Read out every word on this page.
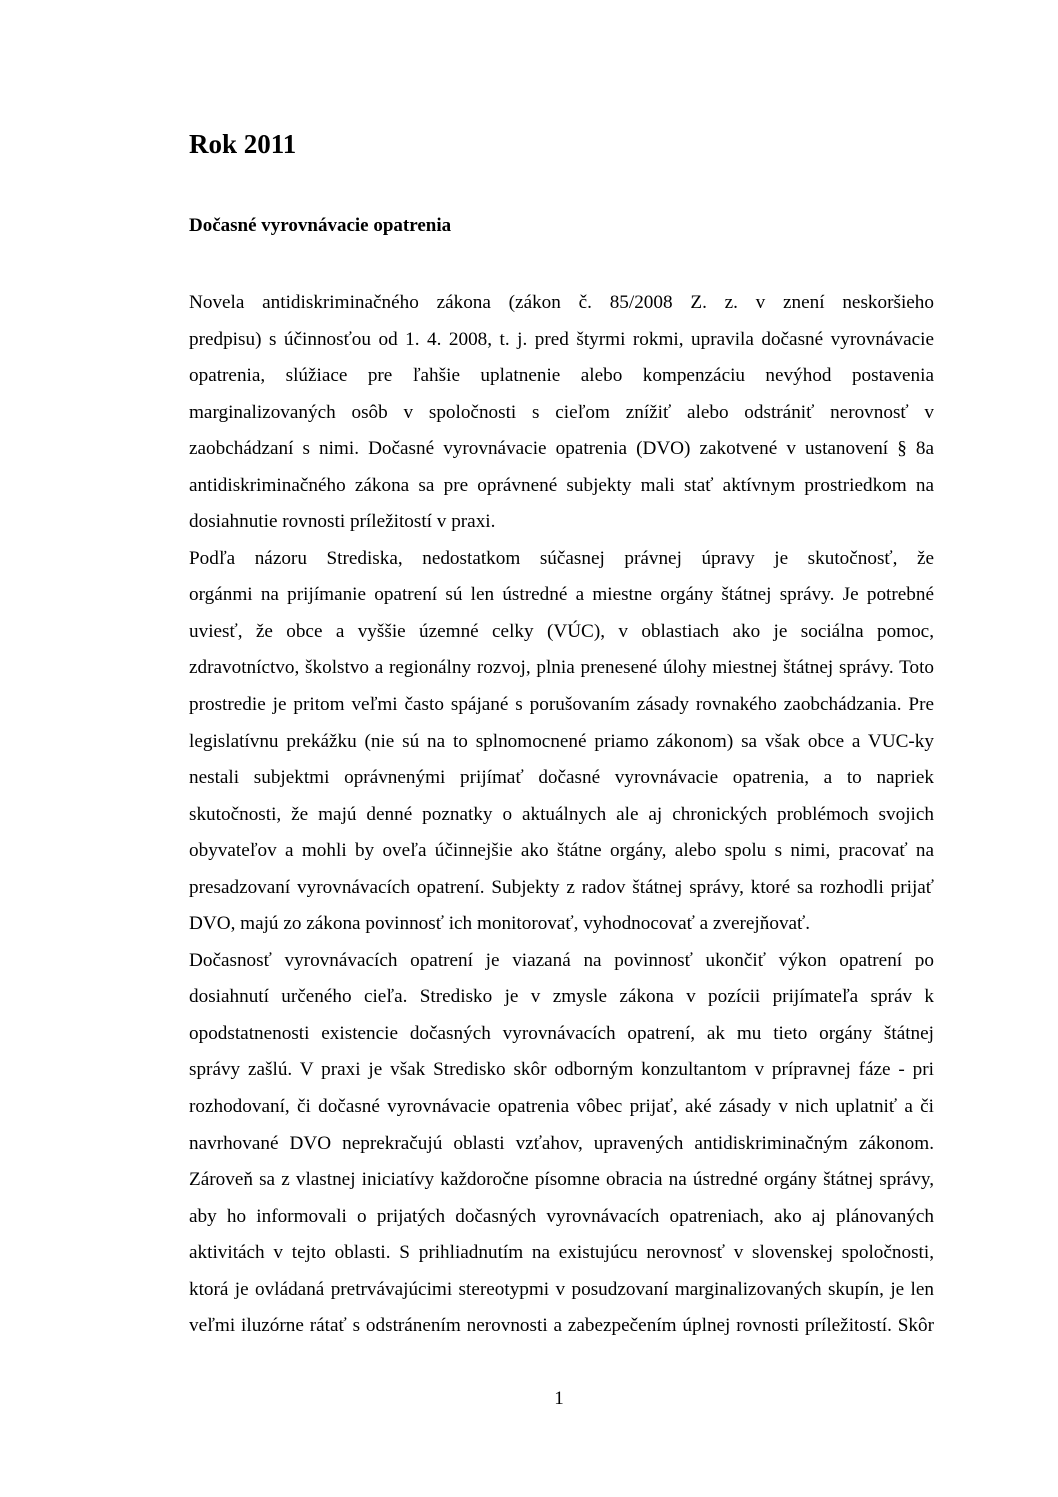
Rok 2011
Dočasné vyrovnávacie opatrenia

Novela antidiskriminačného zákona (zákon č. 85/2008 Z. z. v znení neskoršieho
predpisu) s účinnosťou od 1. 4. 2008, t. j. pred štyrmi rokmi, upravila dočasné vyrovnávacie
opatrenia, slúžiace pre ľahšie uplatnenie alebo kompenzáciu nevýhod postavenia
marginalizovaných osôb v spoločnosti s cieľom znížiť alebo odstrániť nerovnosť v
zaobchádzaní s nimi. Dočasné vyrovnávacie opatrenia (DVO) zakotvené v ustanovení § 8a
antidiskriminačného zákona sa pre oprávnené subjekty mali stať aktívnym prostriedkom na
dosiahnutie rovnosti príležitostí v praxi.

Podľa názoru Strediska, nedostatkom súčasnej právnej úpravy je skutočnosť, že
orgánmi na prijímanie opatrení sú len ústredné a miestne orgány štátnej správy. Je potrebné
uviesť, že obce a vyššie územné celky (VÚC), v oblastiach ako je sociálna pomoc,
zdravotníctvo, školstvo a regionálny rozvoj, plnia prenesené úlohy miestnej štátnej správy. Toto
prostredie je pritom veľmi často spájané s porušovaním zásady rovnakého zaobchádzania. Pre
legislatívnu prekážku (nie sú na to splnomocnené priamo zákonom) sa však obce a VUC-ky
nestali subjektmi oprávnenými prijímať dočasné vyrovnávacie opatrenia, a to napriek
skutočnosti, že majú denné poznatky o aktuálnych ale aj chronických problémoch svojich
obyvateľov a mohli by oveľa účinnejšie ako štátne orgány, alebo spolu s nimi, pracovať na
presadzovaní vyrovnávacích opatrení. Subjekty z radov štátnej správy, ktoré sa rozhodli prijať
DVO, majú zo zákona povinnosť ich monitorovať, vyhodnocovať a zverejňovať.

Dočasnosť vyrovnávacích opatrení je viazaná na povinnosť ukončiť výkon opatrení po
dosiahnutí určeného cieľa. Stredisko je v zmysle zákona v pozícii prijímateľa správ k
opodstatnenosti existencie dočasných vyrovnávacích opatrení, ak mu tieto orgány štátnej
správy zašlú. V praxi je však Stredisko skôr odborným konzultantom v prípravnej fáze - pri
rozhodovaní, či dočasné vyrovnávacie opatrenia vôbec prijať, aké zásady v nich uplatniť a či
navrhované DVO neprekračujú oblasti vzťahov, upravených antidiskriminačným zákonom.
Zároveň sa z vlastnej iniciatívy každoročne písomne obracia na ústredné orgány štátnej správy,
aby ho informovali o prijatých dočasných vyrovnávacích opatreniach, ako aj plánovaných
aktivitách v tejto oblasti. S prihliadnutím na existujúcu nerovnosť v slovenskej spoločnosti,
ktorá je ovládaná pretrvávajúcimi stereotypmi v posudzovaní marginalizovaných skupín, je len
veľmi iluzórne rátať s odstránením nerovnosti a zabezpečením úplnej rovnosti príležitostí. Skôr

1
